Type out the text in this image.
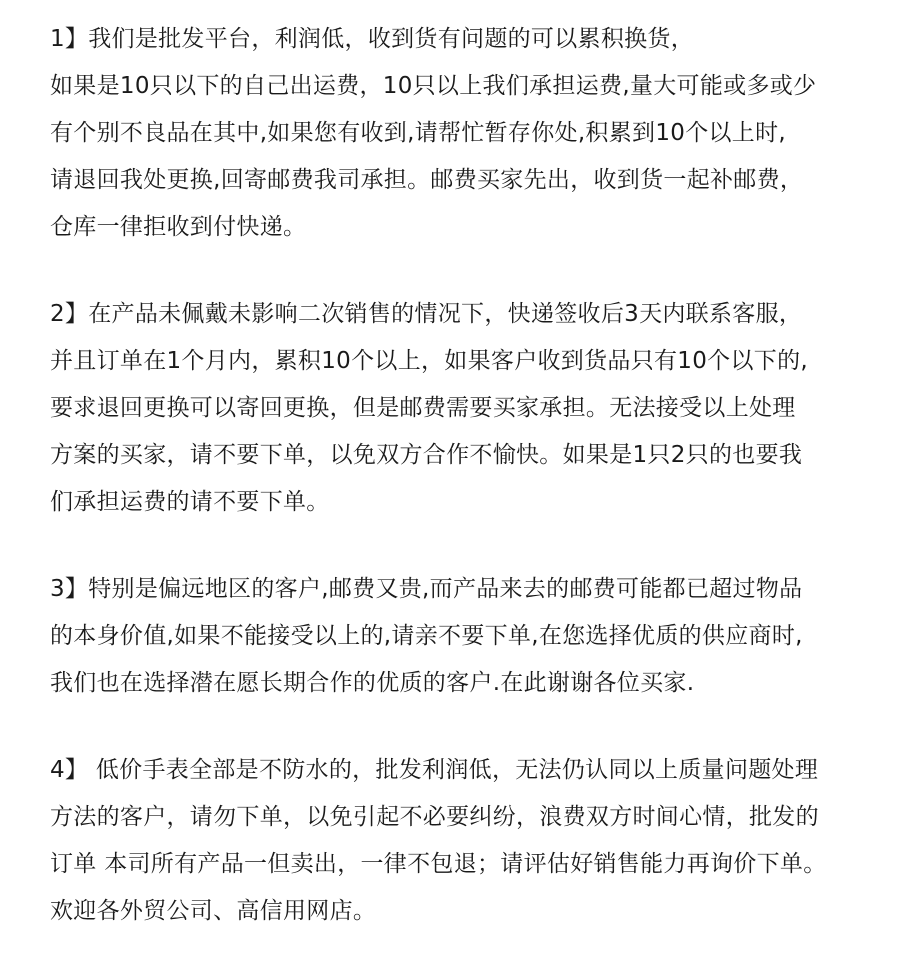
1】我们是批发平台，利润低，收到货有问题的可以累积换货，
如果是10只以下的自己出运费，10只以上我们承担运费,量大可能或多或少
有个别不良品在其中,如果您有收到,请帮忙暂存你处,积累到10个以上时,
请退回我处更换,回寄邮费我司承担。邮费买家先出，收到货一起补邮费，
仓库一律拒收到付快递。
2】在产品未佩戴未影响二次销售的情况下，快递签收后3天内联系客服，
并且订单在1个月内，累积10个以上，如果客户收到货品只有10个以下的,
要求退回更换可以寄回更换，但是邮费需要买家承担。无法接受以上处理
方案的买家，请不要下单，以免双方合作不愉快。如果是1只2只的也要我
们承担运费的请不要下单。
3】特别是偏远地区的客户,邮费又贵,而产品来去的邮费可能都已超过物品
的本身价值,如果不能接受以上的,请亲不要下单,在您选择优质的供应商时,
我们也在选择潜在愿长期合作的优质的客户.在此谢谢各位买家.
4】 低价手表全部是不防水的，批发利润低，无法仍认同以上质量问题处理
方法的客户，请勿下单，以免引起不必要纠纷，浪费双方时间心情，批发的
订单 本司所有产品一但卖出，一律不包退；请评估好销售能力再询价下单。
欢迎各外贸公司、高信用网店。
